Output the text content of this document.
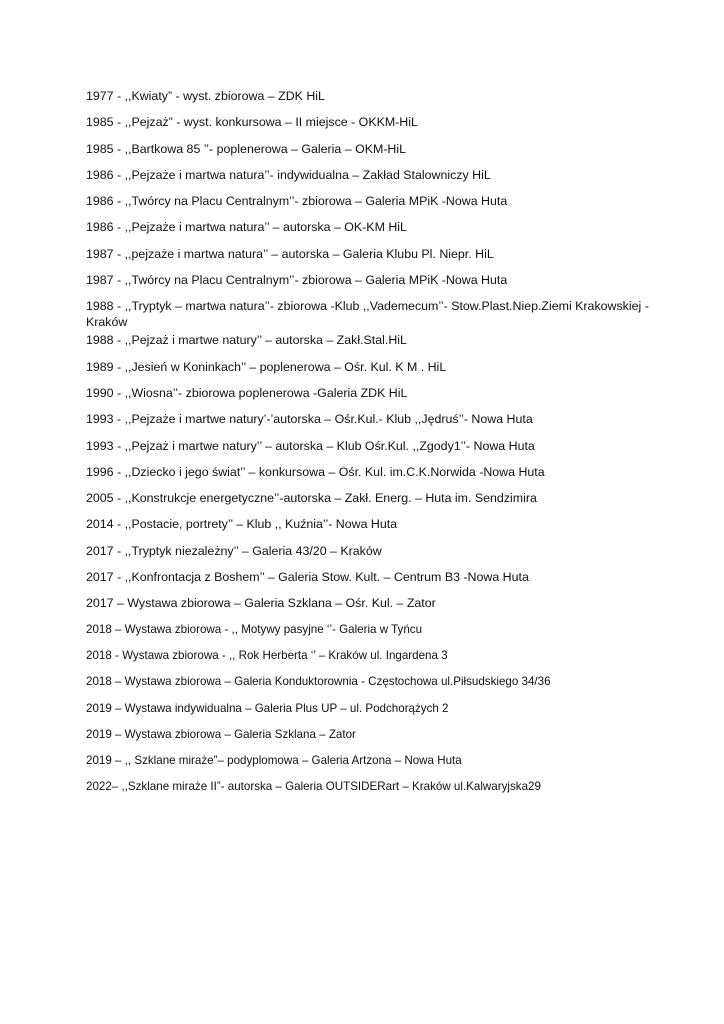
1977 - ,,Kwiaty” - wyst. zbiorowa – ZDK HiL
1985 - ,,Pejzaż” - wyst. konkursowa – II miejsce - OKKM-HiL
1985 - ,,Bartkowa 85 ’’- poplenerowa – Galeria – OKM-HiL
1986 - ,,Pejzaże i martwa natura’’- indywidualna – Zakład Stalowniczy HiL
1986 - ,,Twórcy na Placu Centralnym’’- zbiorowa – Galeria MPiK -Nowa Huta
1986 - ,,Pejzaże i martwa natura’’ – autorska – OK-KM HiL
1987 - ,,pejzaże i martwa natura’’ – autorska – Galeria Klubu Pl. Niepr. HiL
1987 - ,,Twórcy na Placu Centralnym’’- zbiorowa – Galeria MPiK -Nowa Huta
1988 - ,,Tryptyk – martwa natura’’- zbiorowa -Klub ,,Vademecum’’- Stow.Plast.Niep.Ziemi Krakowskiej - Kraków
1988 - ,,Pejzaż i martwe natury’’ – autorska – Zakł.Stal.HiL
1989 - ,,Jesień w Koninkach’’ – poplenerowa – Ośr. Kul. K M . HiL
1990 - ,,Wiosna’’- zbiorowa poplenerowa -Galeria ZDK HiL
1993 - ,,Pejzaże i martwe natury’-’autorska – Ośr.Kul.- Klub ,,Jędruś’’- Nowa Huta
1993 - ,,Pejzaż i martwe natury’’ – autorska – Klub Ośr.Kul. ,,Zgody1’’- Nowa Huta
1996 - ,,Dziecko i jego świat’’ – konkursowa – Ośr. Kul. im.C.K.Norwida -Nowa Huta
2005 - ,,Konstrukcje energetyczne’’-autorska – Zakł. Energ. – Huta im. Sendzimira
2014 - ,,Postacie, portrety’’ – Klub ,, Kuźnia’’- Nowa Huta
2017 - ,,Tryptyk niezależny’’ – Galeria 43/20 – Kraków
2017 - ,,Konfrontacja z Boshem’’ – Galeria Stow. Kult. – Centrum B3 -Nowa Huta
2017 – Wystawa zbiorowa – Galeria Szklana – Ośr. Kul. – Zator
2018 – Wystawa zbiorowa - ,, Motywy pasyjne ‘’- Galeria w Tyńcu
2018 - Wystawa zbiorowa - ,, Rok Herberta ‘’ – Kraków ul. Ingardena 3
2018 – Wystawa zbiorowa – Galeria Konduktorownia - Częstochowa ul.Piłsudskiego 34/36
2019 – Wystawa indywidualna – Galeria Plus UP – ul. Podchorążych 2
2019 – Wystawa zbiorowa – Galeria Szklana – Zator
2019 – ,, Szklane miraże”– podyplomowa – Galeria Artzona – Nowa Huta
2022– ,,Szklane miraże II”- autorska – Galeria OUTSIDERart – Kraków ul.Kalwaryjska29
